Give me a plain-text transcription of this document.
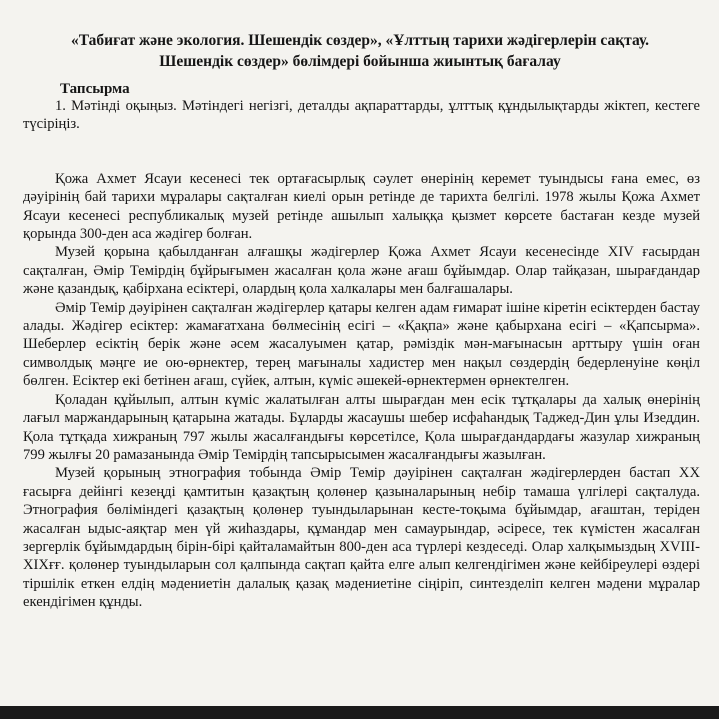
«Табиғат және экология. Шешендік сөздер», «Ұлттың тарихи жәдігерлерін сақтау.
Шешендік сөздер» бөлімдері бойынша жиынтық бағалау
Тапсырма

1. Мәтінді оқыңыз. Мәтіндегі негізгі, деталды ақпараттарды, ұлттық құндылықтарды жіктеп, кестеге түсіріңіз.

Қожа Ахмет Ясауи кесенесі тек ортағасырлық сәулет өнерінің керемет туындысы ғана емес, өз дәуірінің бай тарихи мұралары сақталған киелі орын ретінде де тарихта белгілі. 1978 жылы Қожа Ахмет Ясауи кесенесі республикалық музей ретінде ашылып халыққа қызмет көрсете бастаған кезде музей қорында 300-ден аса жәдігер болған.

Музей қорына қабылданған алғашқы жәдігерлер Қожа Ахмет Ясауи кесенесінде XIV ғасырдан сақталған, Әмір Темірдің бұйрығымен жасалған қола және ағаш бұйымдар. Олар тайқазан, шырағдандар және қазандық, қабірхана есіктері, олардың қола халкалары мен балғашалары.

Әмір Темір дәуірінен сақталған жәдігерлер қатары келген адам ғимарат ішіне кіретін есіктерден бастау алады. Жәдігер есіктер: жамағатхана бөлмесінің есігі – «Қақпа» және қабырхана есігі – «Қапсырма». Шеберлер есіктің берік және әсем жасалуымен қатар, рәміздік мән-мағынасын арттыру үшін оған символдық мәңге ие ою-өрнектер, терең мағыналы хадистер мен нақыл сөздердің бедерленуіне көңіл бөлген. Есіктер екі бетінен ағаш, сүйек, алтын, күміс әшекей-өрнектермен өрнектелген.

Қоладан құйылып, алтын күміс жалатылған алты шырағдан мен есік тұтқалары да халық өнерінің лағыл маржандарының қатарына жатады. Бұларды жасаушы шебер исфаһандық Таджед-Дин ұлы Изеддин. Қола тұтқада хижраның 797 жылы жасалғандығы көрсетілсе, Қола шырағдандардағы жазулар хижраның 799 жылғы 20 рамазанында Әмір Темірдің тапсырысымен жасалғандығы жазылған.

Музей қорының этнография тобында Әмір Темір дәуірінен сақталған жәдігерлерден бастап XX ғасырға дейінгі кезеңді қамтитын қазақтың қолөнер қазыналарының небір тамаша үлгілері сақталуда. Этнография бөліміндегі қазақтың қолөнер туындыларынан кесте-тоқыма бұйымдар, ағаштан, теріден жасалған ыдыс-аяқтар мен үй жиһаздары, құмандар мен самаурындар, әсіресе, тек күмістен жасалған зергерлік бұйымдардың бірін-бірі қайталамайтын 800-ден аса түрлері кездеседі. Олар халқымыздың XVIII-XIXғғ. қолөнер туындыларын сол қалпында сақтап қайта елге алып келгендігімен және кейбіреулері өздері тіршілік еткен елдің мәдениетін далалық қазақ мәдениетіне сіңіріп, синтезделіп келген мәдени мұралар екендігімен құнды.
